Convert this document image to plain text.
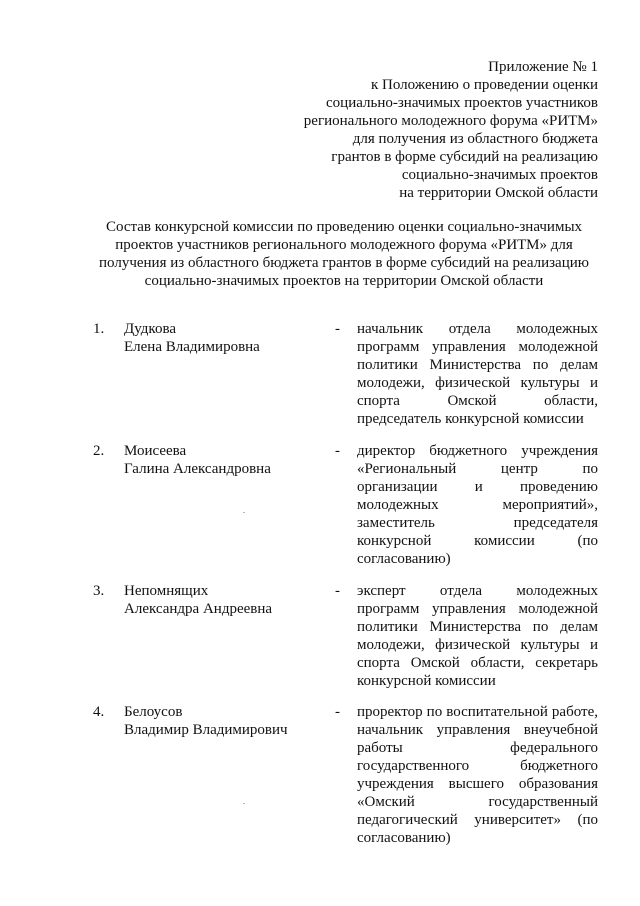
Приложение № 1
к Положению о проведении оценки
социально-значимых проектов участников
регионального молодежного форума «РИТМ»
для получения из областного бюджета
грантов в форме субсидий на реализацию
социально-значимых проектов
на территории Омской области
Состав конкурсной комиссии по проведению оценки социально-значимых
проектов участников регионального молодежного форума «РИТМ» для
получения из областного бюджета грантов в форме субсидий на реализацию
социально-значимых проектов на территории Омской области
1. Дудкова
Елена Владимировна
- начальник отдела молодежных программ управления молодежной политики Министерства по делам молодежи, физической культуры и спорта Омской области, председатель конкурсной комиссии
2. Моисеева
Галина Александровна
- директор бюджетного учреждения «Региональный центр по организации и проведению молодежных мероприятий», заместитель председателя конкурсной комиссии (по согласованию)
3. Непомнящих
Александра Андреевна
- эксперт отдела молодежных программ управления молодежной политики Министерства по делам молодежи, физической культуры и спорта Омской области, секретарь конкурсной комиссии
4. Белоусов
Владимир Владимирович
- проректор по воспитательной работе, начальник управления внеучебной работы федерального государственного бюджетного учреждения высшего образования «Омский государственный педагогический университет» (по согласованию)
